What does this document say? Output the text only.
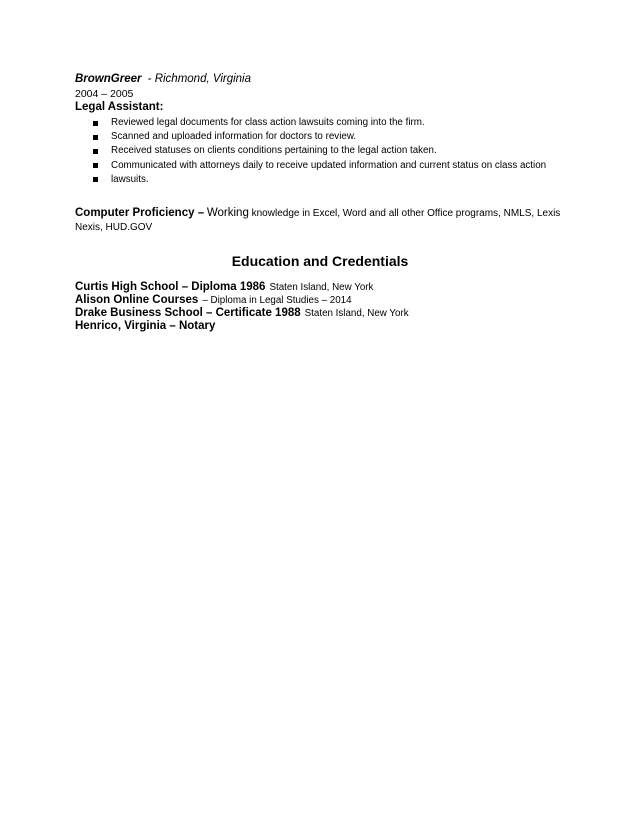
BrownGreer - Richmond, Virginia
2004 – 2005
Legal Assistant:
Reviewed legal documents for class action lawsuits coming into the firm.
Scanned and uploaded information for doctors to review.
Received statuses on clients conditions pertaining to the legal action taken.
Communicated with attorneys daily to receive updated information and current status on class action
lawsuits.
Computer Proficiency – Working knowledge in Excel, Word and all other Office programs, NMLS, Lexis Nexis, HUD.GOV
Education and Credentials
Curtis High School – Diploma 1986 Staten Island, New York
Alison Online Courses – Diploma in Legal Studies – 2014
Drake Business School – Certificate 1988 Staten Island, New York
Henrico, Virginia – Notary
